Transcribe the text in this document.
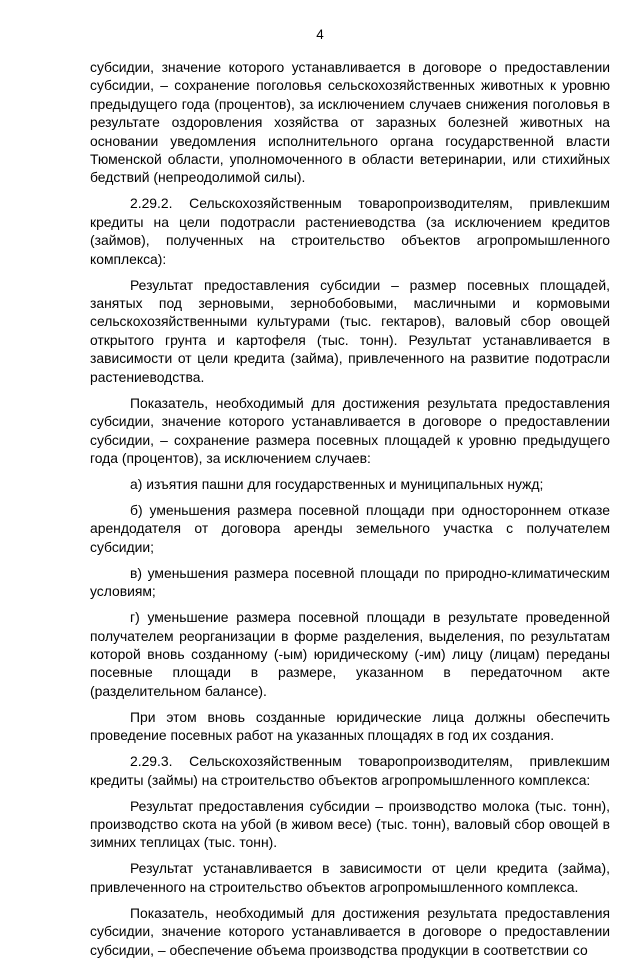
4

субсидии, значение которого устанавливается в договоре о предоставлении субсидии, – сохранение поголовья сельскохозяйственных животных к уровню предыдущего года (процентов), за исключением случаев снижения поголовья в результате оздоровления хозяйства от заразных болезней животных на основании уведомления исполнительного органа государственной власти Тюменской области, уполномоченного в области ветеринарии, или стихийных бедствий (непреодолимой силы).

2.29.2. Сельскохозяйственным товаропроизводителям, привлекшим кредиты на цели подотрасли растениеводства (за исключением кредитов (займов), полученных на строительство объектов агропромышленного комплекса):

Результат предоставления субсидии – размер посевных площадей, занятых под зерновыми, зернобобовыми, масличными и кормовыми сельскохозяйственными культурами (тыс. гектаров), валовый сбор овощей открытого грунта и картофеля (тыс. тонн). Результат устанавливается в зависимости от цели кредита (займа), привлеченного на развитие подотрасли растениеводства.

Показатель, необходимый для достижения результата предоставления субсидии, значение которого устанавливается в договоре о предоставлении субсидии, – сохранение размера посевных площадей к уровню предыдущего года (процентов), за исключением случаев:

а) изъятия пашни для государственных и муниципальных нужд;

б) уменьшения размера посевной площади при одностороннем отказе арендодателя от договора аренды земельного участка с получателем субсидии;

в) уменьшения размера посевной площади по природно-климатическим условиям;

г) уменьшение размера посевной площади в результате проведенной получателем реорганизации в форме разделения, выделения, по результатам которой вновь созданному (-ым) юридическому (-им) лицу (лицам) переданы посевные площади в размере, указанном в передаточном акте (разделительном балансе).

При этом вновь созданные юридические лица должны обеспечить проведение посевных работ на указанных площадях в год их создания.

2.29.3. Сельскохозяйственным товаропроизводителям, привлекшим кредиты (займы) на строительство объектов агропромышленного комплекса:

Результат предоставления субсидии – производство молока (тыс. тонн), производство скота на убой (в живом весе) (тыс. тонн), валовый сбор овощей в зимних теплицах (тыс. тонн).

Результат устанавливается в зависимости от цели кредита (займа), привлеченного на строительство объектов агропромышленного комплекса.

Показатель, необходимый для достижения результата предоставления субсидии, значение которого устанавливается в договоре о предоставлении субсидии, – обеспечение объема производства продукции в соответствии со
